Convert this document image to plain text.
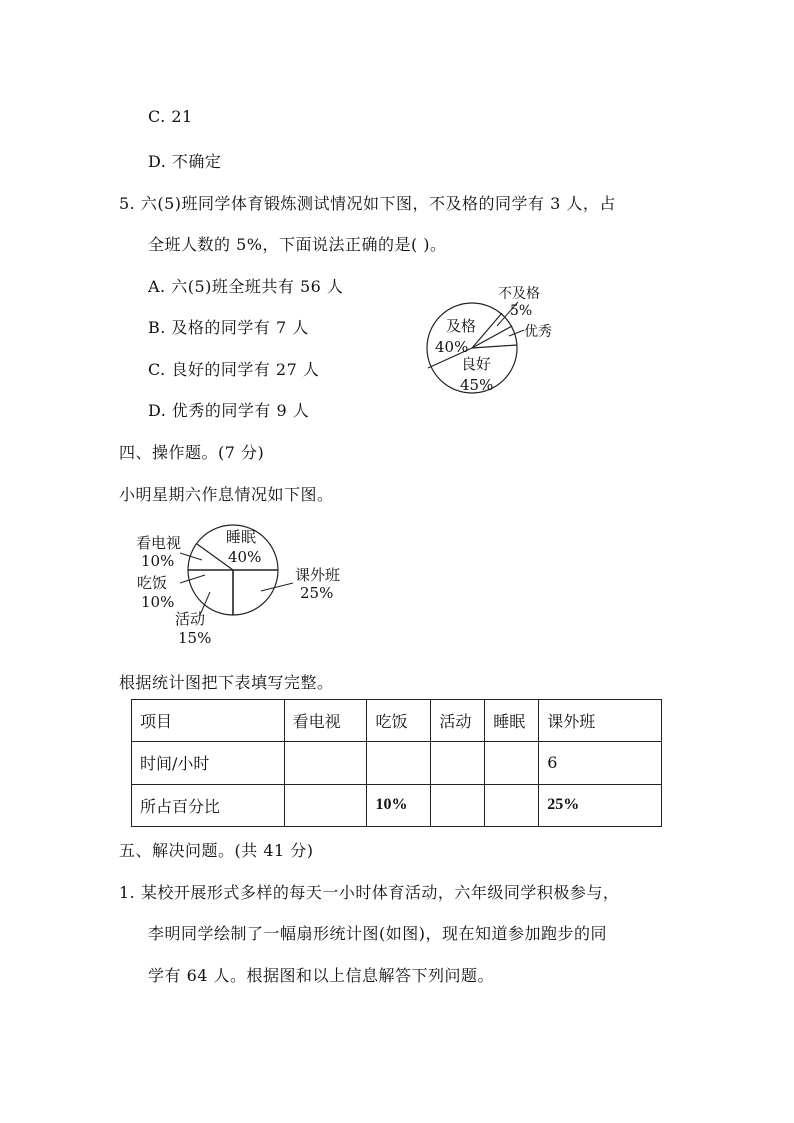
C. 21
D. 不确定
5. 六(5)班同学体育锻炼测试情况如下图，不及格的同学有 3 人，占
全班人数的 5%，下面说法正确的是( )。
A. 六(5)班全班共有 56 人
B. 及格的同学有 7 人
C. 良好的同学有 27 人
D. 优秀的同学有 9 人
不及格
5%
优秀
及格
40%
良好
45%
四、操作题。(7 分)
小明星期六作息情况如下图。
看电视
10%
吃饭
10%
活动
15%
睡眠
40%
课外班
25%
根据统计图把下表填写完整。
项目	看电视	吃饭	活动	睡眠	课外班
时间/小时					6
所占百分比		10%			25%
五、解决问题。(共 41 分)
1. 某校开展形式多样的每天一小时体育活动，六年级同学积极参与，
李明同学绘制了一幅扇形统计图(如图)，现在知道参加跑步的同
学有 64 人。根据图和以上信息解答下列问题。
